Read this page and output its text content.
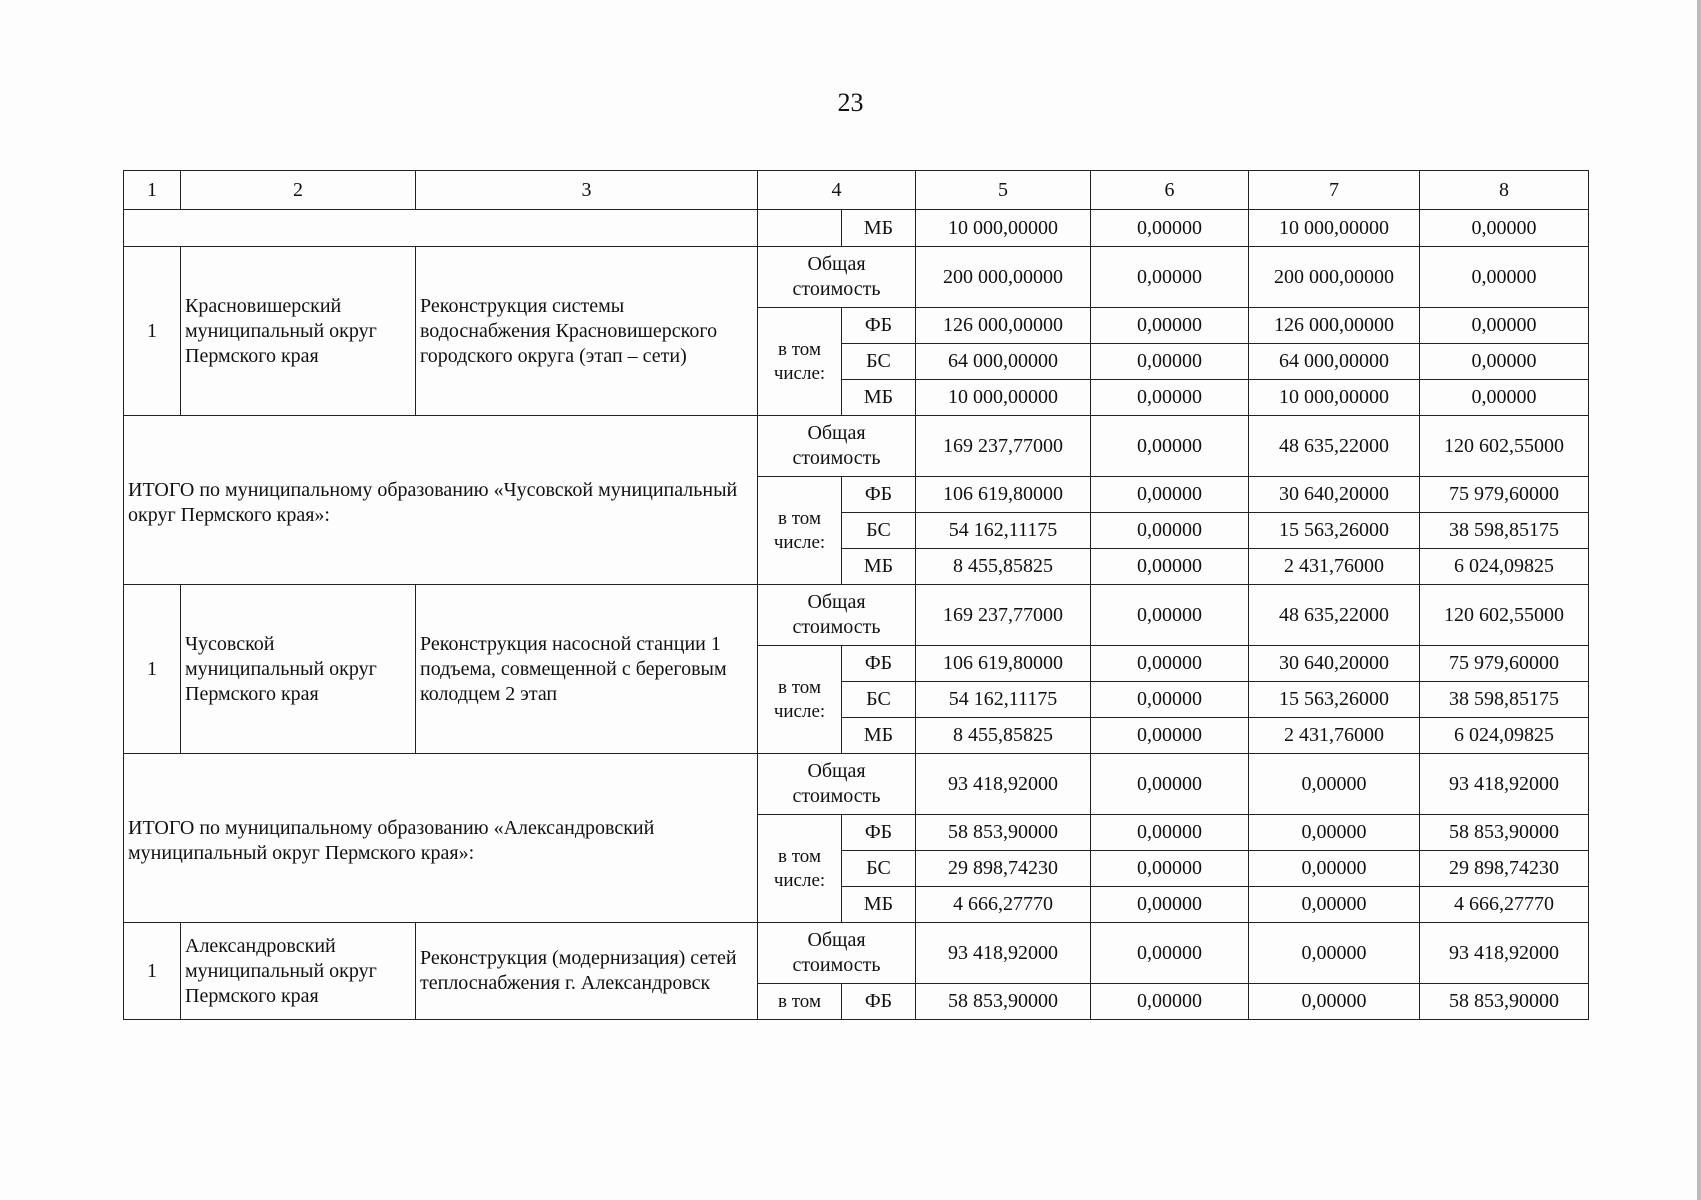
23
1	2	3	4		5	6	7	8
				МБ	10 000,00000	0,00000	10 000,00000	0,00000
1	Красновишерский муниципальный округ Пермского края	Реконструкция системы водоснабжения Красновишерского городского округа (этап – сети)	Общая стоимость		200 000,00000	0,00000	200 000,00000	0,00000
			в том числе:	ФБ	126 000,00000	0,00000	126 000,00000	0,00000
				БС	64 000,00000	0,00000	64 000,00000	0,00000
				МБ	10 000,00000	0,00000	10 000,00000	0,00000
ИТОГО по муниципальному образованию «Чусовской муниципальный округ Пермского края»:			Общая стоимость		169 237,77000	0,00000	48 635,22000	120 602,55000
			в том числе:	ФБ	106 619,80000	0,00000	30 640,20000	75 979,60000
				БС	54 162,11175	0,00000	15 563,26000	38 598,85175
				МБ	8 455,85825	0,00000	2 431,76000	6 024,09825
1	Чусовской муниципальный округ Пермского края	Реконструкция насосной станции 1 подъема, совмещенной с береговым колодцем 2 этап	Общая стоимость		169 237,77000	0,00000	48 635,22000	120 602,55000
			в том числе:	ФБ	106 619,80000	0,00000	30 640,20000	75 979,60000
				БС	54 162,11175	0,00000	15 563,26000	38 598,85175
				МБ	8 455,85825	0,00000	2 431,76000	6 024,09825
ИТОГО по муниципальному образованию «Александровский муниципальный округ Пермского края»:			Общая стоимость		93 418,92000	0,00000	0,00000	93 418,92000
			в том числе:	ФБ	58 853,90000	0,00000	0,00000	58 853,90000
				БС	29 898,74230	0,00000	0,00000	29 898,74230
				МБ	4 666,27770	0,00000	0,00000	4 666,27770
1	Александровский муниципальный округ Пермского края	Реконструкция (модернизация) сетей теплоснабжения г. Александровск	Общая стоимость		93 418,92000	0,00000	0,00000	93 418,92000
			в том	ФБ	58 853,90000	0,00000	0,00000	58 853,90000
